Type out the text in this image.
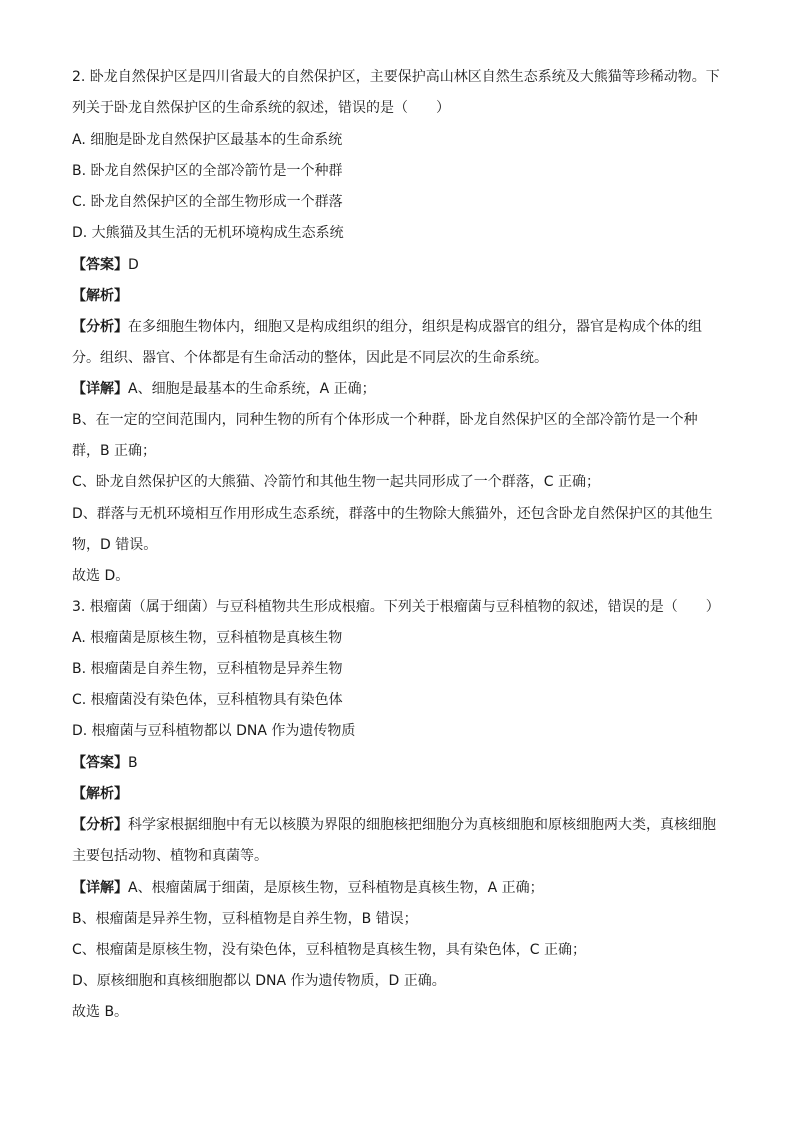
2. 卧龙自然保护区是四川省最大的自然保护区，主要保护高山林区自然生态系统及大熊猫等珍稀动物。下
列关于卧龙自然保护区的生命系统的叙述，错误的是（　　）
A. 细胞是卧龙自然保护区最基本的生命系统
B. 卧龙自然保护区的全部冷箭竹是一个种群
C. 卧龙自然保护区的全部生物形成一个群落
D. 大熊猫及其生活的无机环境构成生态系统
【答案】D
【解析】
【分析】在多细胞生物体内，细胞又是构成组织的组分，组织是构成器官的组分，器官是构成个体的组
分。组织、器官、个体都是有生命活动的整体，因此是不同层次的生命系统。
【详解】A、细胞是最基本的生命系统，A 正确；
B、在一定的空间范围内，同种生物的所有个体形成一个种群，卧龙自然保护区的全部冷箭竹是一个种
群，B 正确；
C、卧龙自然保护区的大熊猫、冷箭竹和其他生物一起共同形成了一个群落，C 正确；
D、群落与无机环境相互作用形成生态系统，群落中的生物除大熊猫外，还包含卧龙自然保护区的其他生
物，D 错误。
故选 D。
3. 根瘤菌（属于细菌）与豆科植物共生形成根瘤。下列关于根瘤菌与豆科植物的叙述，错误的是（　　）
A. 根瘤菌是原核生物，豆科植物是真核生物
B. 根瘤菌是自养生物，豆科植物是异养生物
C. 根瘤菌没有染色体，豆科植物具有染色体
D. 根瘤菌与豆科植物都以 DNA 作为遗传物质
【答案】B
【解析】
【分析】科学家根据细胞中有无以核膜为界限的细胞核把细胞分为真核细胞和原核细胞两大类，真核细胞
主要包括动物、植物和真菌等。
【详解】A、根瘤菌属于细菌，是原核生物，豆科植物是真核生物，A 正确；
B、根瘤菌是异养生物，豆科植物是自养生物，B 错误；
C、根瘤菌是原核生物，没有染色体，豆科植物是真核生物，具有染色体，C 正确；
D、原核细胞和真核细胞都以 DNA 作为遗传物质，D 正确。
故选 B。
